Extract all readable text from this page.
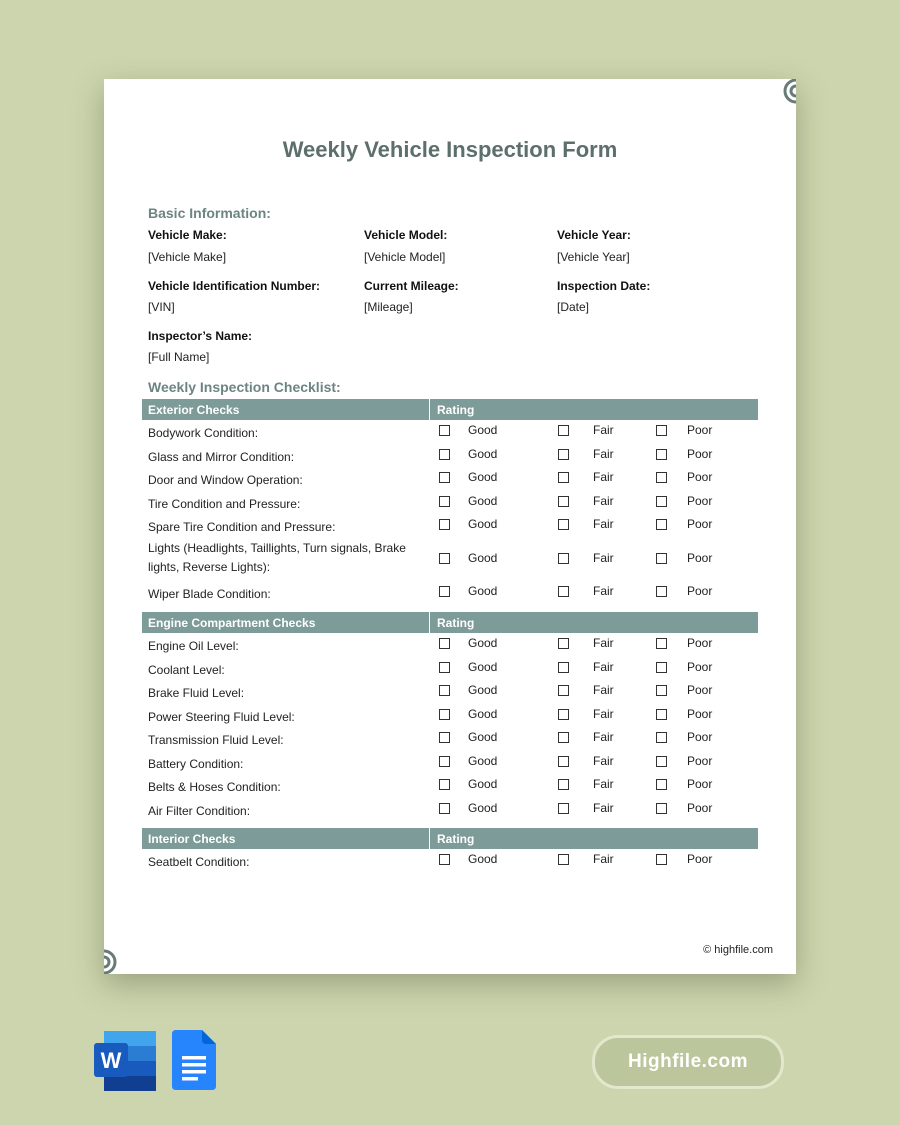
Weekly Vehicle Inspection Form
Basic Information:
Vehicle Make:
[Vehicle Make]
Vehicle Model:
[Vehicle Model]
Vehicle Year:
[Vehicle Year]
Vehicle Identification Number:
[VIN]
Current Mileage:
[Mileage]
Inspection Date:
[Date]
Inspector’s Name:
[Full Name]
Weekly Inspection Checklist:
Exterior Checks	Rating
Bodywork Condition:	Good	Fair	Poor
Glass and Mirror Condition:	Good	Fair	Poor
Door and Window Operation:	Good	Fair	Poor
Tire Condition and Pressure:	Good	Fair	Poor
Spare Tire Condition and Pressure:	Good	Fair	Poor
Lights (Headlights, Taillights, Turn signals, Brake lights, Reverse Lights):
Good	Fair	Poor
Wiper Blade Condition:	Good	Fair	Poor
Engine Compartment Checks	Rating
Engine Oil Level:	Good	Fair	Poor
Coolant Level:	Good	Fair	Poor
Brake Fluid Level:	Good	Fair	Poor
Power Steering Fluid Level:	Good	Fair	Poor
Transmission Fluid Level:	Good	Fair	Poor
Battery Condition:	Good	Fair	Poor
Belts & Hoses Condition:	Good	Fair	Poor
Air Filter Condition:	Good	Fair	Poor
Interior Checks	Rating
Seatbelt Condition:	Good	Fair	Poor
© highfile.com
W	Highfile.com
